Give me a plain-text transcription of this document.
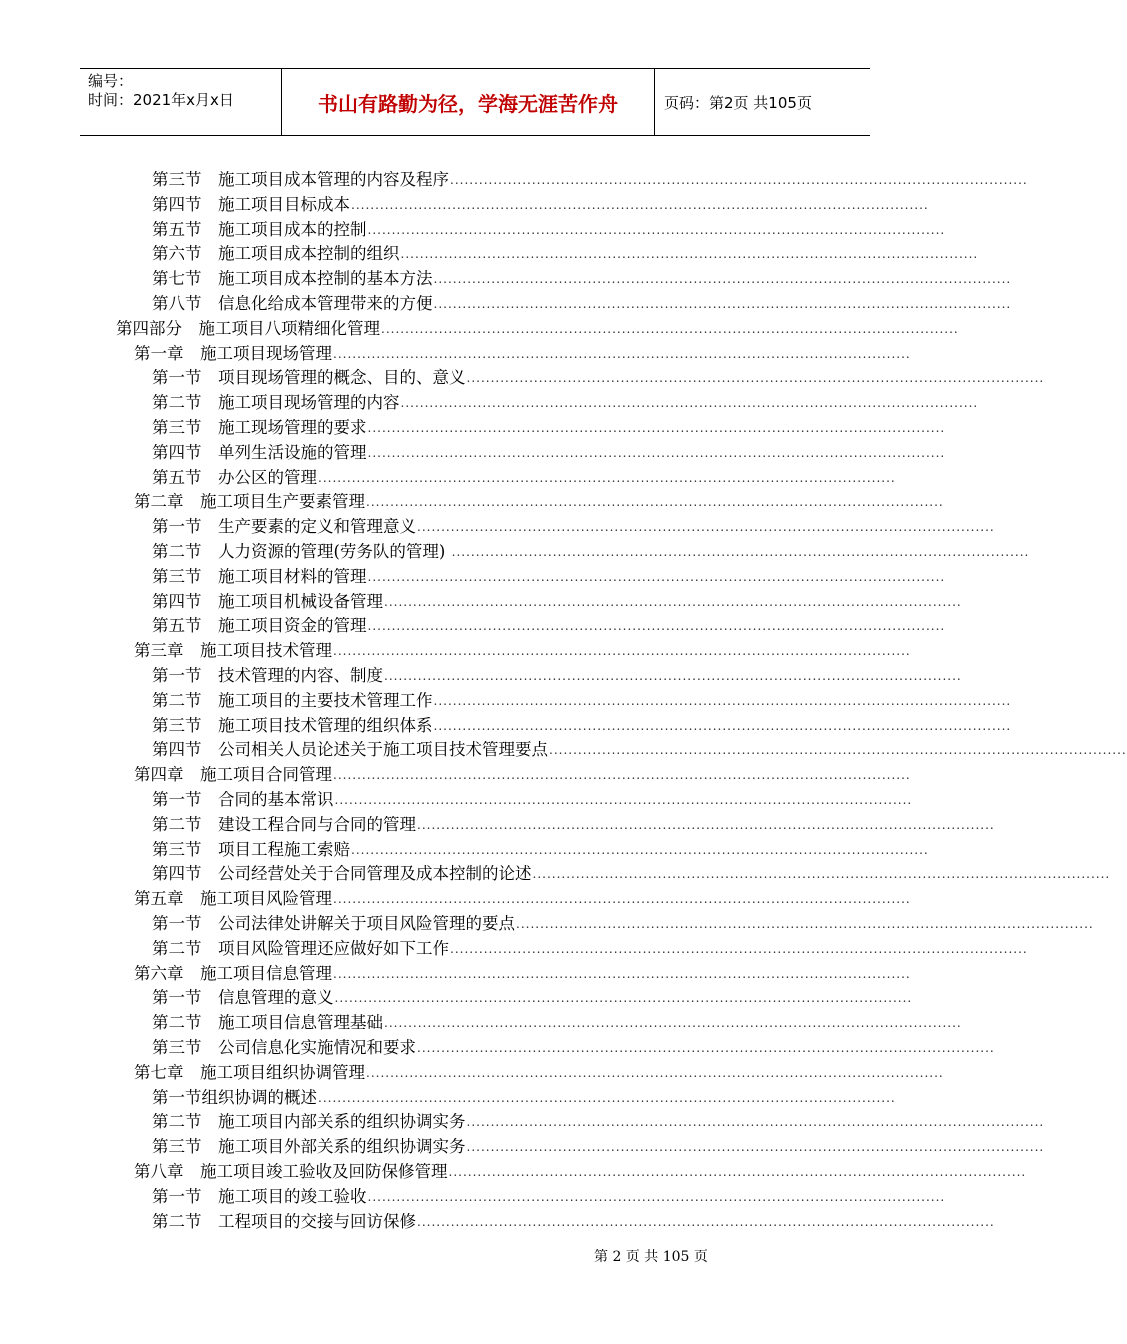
编号：
时间：2021年x月x日	书山有路勤为径，学海无涯苦作舟	页码：第2页 共105页
第三节　施工项目成本管理的内容及程序 ........................................................................................................................
第四节　施工项目目标成本 ........................................................................................................................
第五节　施工项目成本的控制 ........................................................................................................................
第六节　施工项目成本控制的组织 ........................................................................................................................
第七节　施工项目成本控制的基本方法 ........................................................................................................................
第八节　信息化给成本管理带来的方便 ........................................................................................................................
第四部分　施工项目八项精细化管理 ........................................................................................................................
第一章　施工项目现场管理 ........................................................................................................................
第一节　项目现场管理的概念、目的、意义 ........................................................................................................................
第二节　施工项目现场管理的内容 ........................................................................................................................
第三节　施工现场管理的要求 ........................................................................................................................
第四节　单列生活设施的管理 ........................................................................................................................
第五节　办公区的管理 ........................................................................................................................
第二章　施工项目生产要素管理 ........................................................................................................................
第一节　生产要素的定义和管理意义 ........................................................................................................................
第二节　人力资源的管理(劳务队的管理) ........................................................................................................................
第三节　施工项目材料的管理 ........................................................................................................................
第四节　施工项目机械设备管理 ........................................................................................................................
第五节　施工项目资金的管理 ........................................................................................................................
第三章　施工项目技术管理 ........................................................................................................................
第一节　技术管理的内容、制度 ........................................................................................................................
第二节　施工项目的主要技术管理工作 ........................................................................................................................
第三节　施工项目技术管理的组织体系 ........................................................................................................................
第四节　公司相关人员论述关于施工项目技术管理要点 ........................................................................................................................
第四章　施工项目合同管理 ........................................................................................................................
第一节　合同的基本常识 ........................................................................................................................
第二节　建设工程合同与合同的管理 ........................................................................................................................
第三节　项目工程施工索赔 ........................................................................................................................
第四节　公司经营处关于合同管理及成本控制的论述 ........................................................................................................................
第五章　施工项目风险管理 ........................................................................................................................
第一节　公司法律处讲解关于项目风险管理的要点 ........................................................................................................................
第二节　项目风险管理还应做好如下工作 ........................................................................................................................
第六章　施工项目信息管理 ........................................................................................................................
第一节　信息管理的意义 ........................................................................................................................
第二节　施工项目信息管理基础 ........................................................................................................................
第三节　公司信息化实施情况和要求 ........................................................................................................................
第七章　施工项目组织协调管理 ........................................................................................................................
第一节组织协调的概述 ........................................................................................................................
第二节　施工项目内部关系的组织协调实务 ........................................................................................................................
第三节　施工项目外部关系的组织协调实务 ........................................................................................................................
第八章　施工项目竣工验收及回防保修管理 ........................................................................................................................
第一节　施工项目的竣工验收 ........................................................................................................................
第二节　工程项目的交接与回访保修 ........................................................................................................................
第 2 页 共 105 页
